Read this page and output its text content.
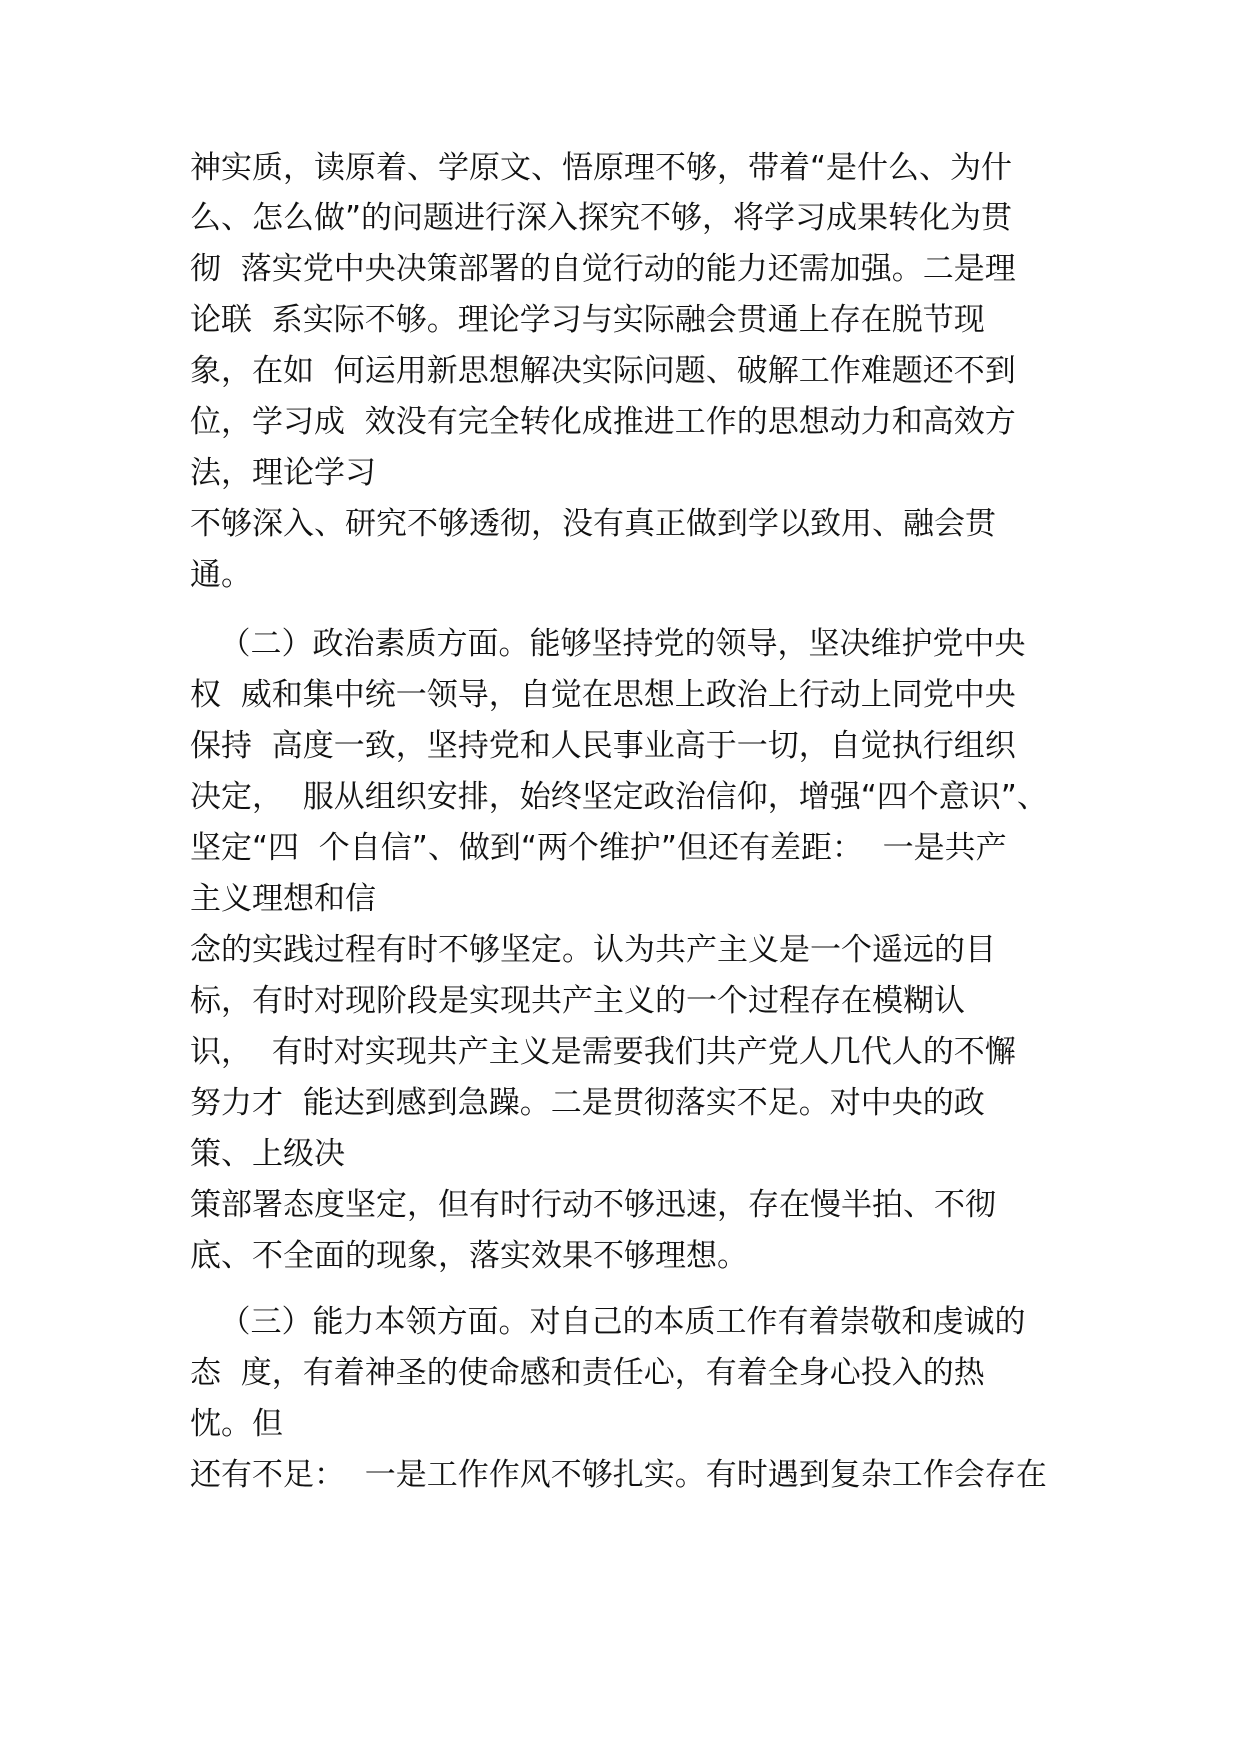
神实质，读原着、学原文、悟原理不够，带着“是什么、为什

么、怎么做”的问题进行深入探究不够，将学习成果转化为贯

彻  落实党中央决策部署的自觉行动的能力还需加强。二是理

论联  系实际不够。理论学习与实际融会贯通上存在脱节现

象，在如  何运用新思想解决实际问题、破解工作难题还不到

位，学习成  效没有完全转化成推进工作的思想动力和高效方

法，理论学习

不够深入、研究不够透彻，没有真正做到学以致用、融会贯

通。

（二）政治素质方面。能够坚持党的领导，坚决维护党中央

权  威和集中统一领导，自觉在思想上政治上行动上同党中央

保持  高度一致，坚持党和人民事业高于一切，自觉执行组织

决定，  服从组织安排，始终坚定政治信仰，增强“四个意识”、

坚定“四  个自信”、做到“两个维护”但还有差距：  一是共产

主义理想和信

念的实践过程有时不够坚定。认为共产主义是一个遥远的目

标，有时对现阶段是实现共产主义的一个过程存在模糊认

识，  有时对实现共产主义是需要我们共产党人几代人的不懈

努力才  能达到感到急躁。二是贯彻落实不足。对中央的政

策、上级决

策部署态度坚定，但有时行动不够迅速，存在慢半拍、不彻

底、不全面的现象，落实效果不够理想。

（三）能力本领方面。对自己的本质工作有着崇敬和虔诚的

态  度，有着神圣的使命感和责任心，有着全身心投入的热

忱。但

还有不足：  一是工作作风不够扎实。有时遇到复杂工作会存在
